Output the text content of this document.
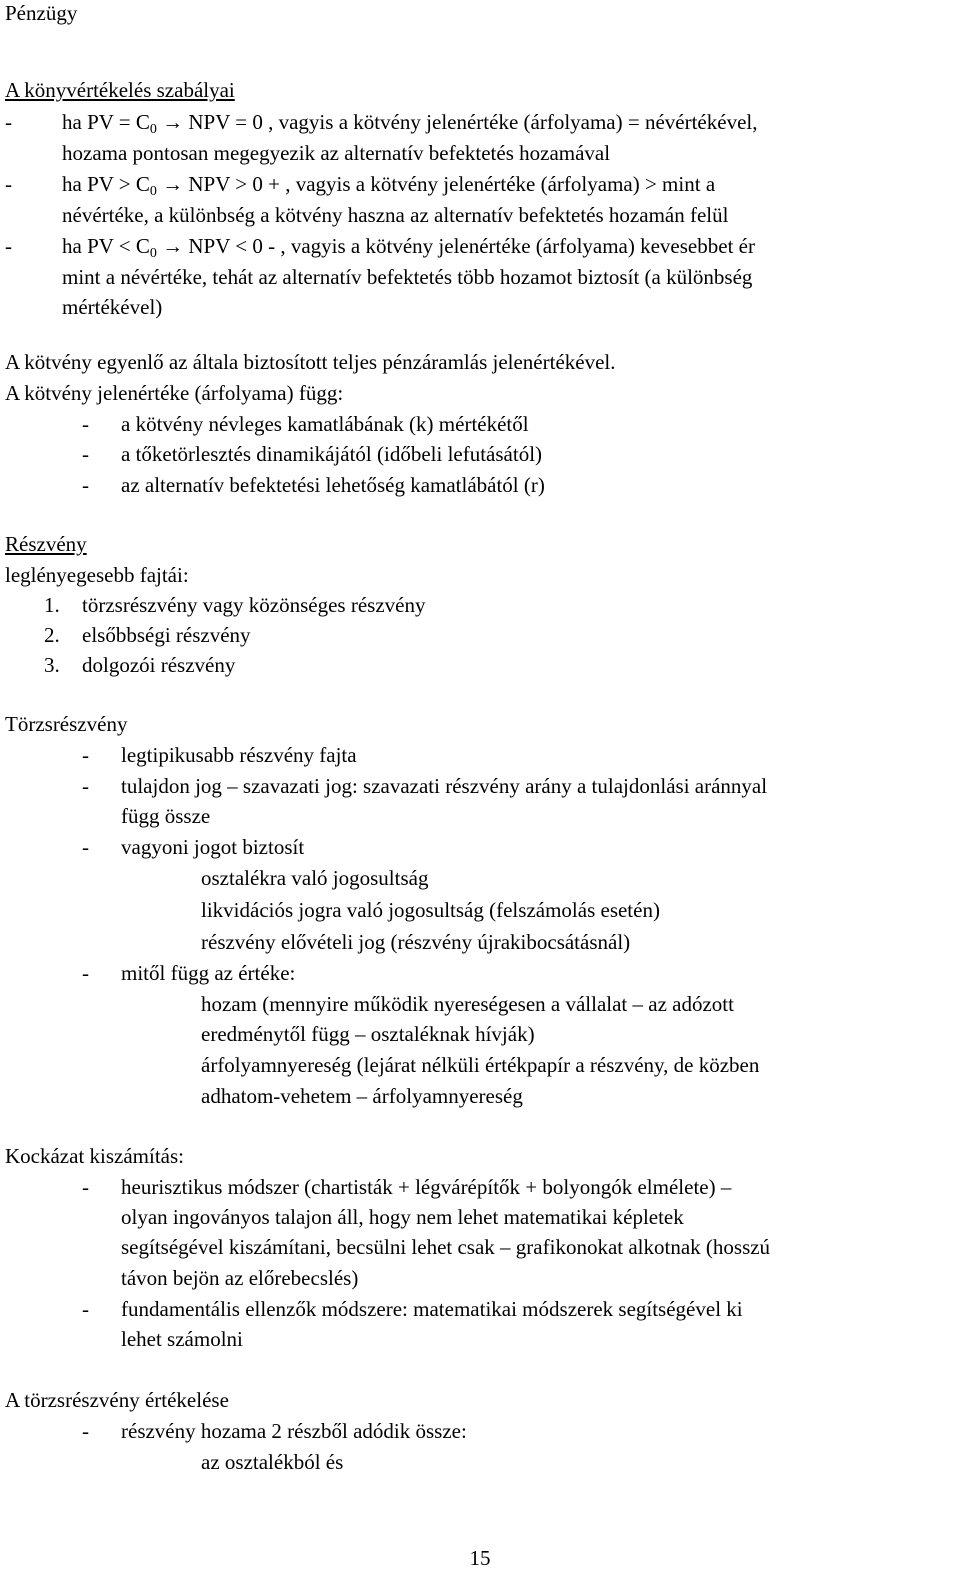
Pénzügy
A könyvértékelés szabályai
- ha PV = $C_0$ → NPV = 0 , vagyis a kötvény jelenértéke (árfolyama) = névértékével,
hozama pontosan megegyezik az alternatív befektetés hozamával
- ha PV > $C_0$ → NPV > 0 + , vagyis a kötvény jelenértéke (árfolyama) > mint a
névértéke, a különbség a kötvény haszna az alternatív befektetés hozamán felül
- ha PV < $C_0$ → NPV < 0 - , vagyis a kötvény jelenértéke (árfolyama) kevesebbet ér
mint a névértéke, tehát az alternatív befektetés több hozamot biztosít (a különbség
mértékével)
A kötvény egyenlő az általa biztosított teljes pénzáramlás jelenértékével.
A kötvény jelenértéke (árfolyama) függ:
- a kötvény névleges kamatlábának (k) mértékétől
- a tőketörlesztés dinamikájától (időbeli lefutásától)
- az alternatív befektetési lehetőség kamatlábától (r)
Részvény
leglényegesebb fajtái:
1. törzsrészvény vagy közönséges részvény
2. elsőbbségi részvény
3. dolgozói részvény
Törzsrészvény
- legtipikusabb részvény fajta
- tulajdon jog – szavazati jog: szavazati részvény arány a tulajdonlási aránnyal
függ össze
- vagyoni jogot biztosít
osztalékra való jogosultság
likvidációs jogra való jogosultság (felszámolás esetén)
részvény elővételi jog (részvény újrakibocsátásnál)
- mitől függ az értéke:
hozam (mennyire működik nyereségesen a vállalat – az adózott
eredménytől függ – osztaléknak hívják)
árfolyamnyereség (lejárat nélküli értékpapír a részvény, de közben
adhatom-vehetem – árfolyamnyereség
Kockázat kiszámítás:
- heurisztikus módszer (chartisták + légvárépítők + bolyongók elmélete) –
olyan ingoványos talajon áll, hogy nem lehet matematikai képletek
segítségével kiszámítani, becsülni lehet csak – grafikonokat alkotnak (hosszú
távon bejön az előrebecslés)
- fundamentális ellenzők módszere: matematikai módszerek segítségével ki
lehet számolni
A törzsrészvény értékelése
- részvény hozama 2 részből adódik össze:
az osztalékból és
15
